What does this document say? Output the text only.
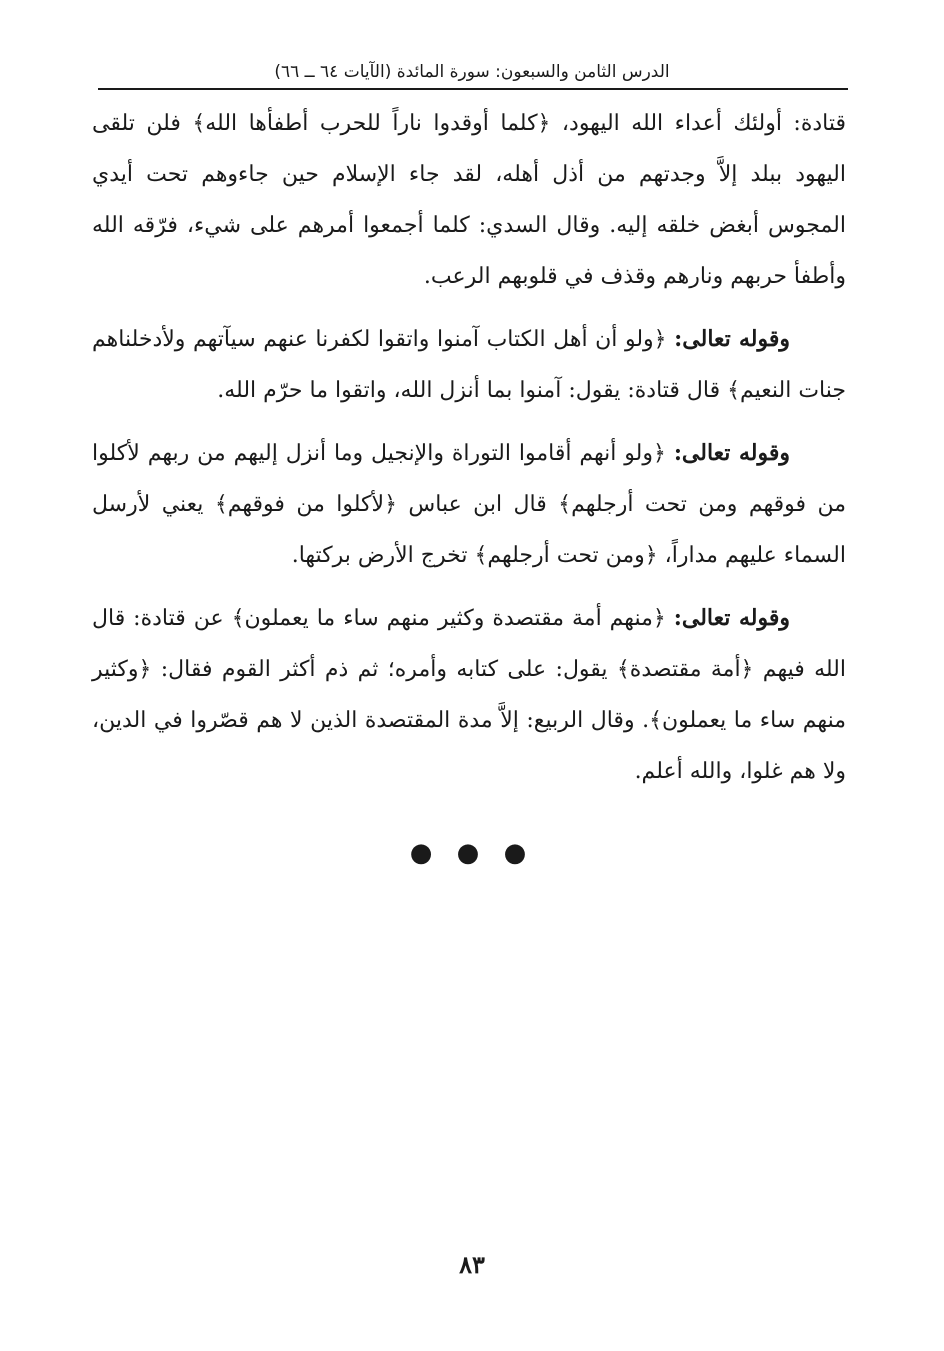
الدرس الثامن والسبعون: سورة المائدة (الآيات ٦٤ ــ ٦٦)

قتادة: أولئك أعداء الله اليهود، ﴿كلما أوقدوا ناراً للحرب أطفأها الله﴾ فلن تلقى اليهود ببلد إلاَّ وجدتهم من أذل أهله، لقد جاء الإسلام حين جاءوهم تحت أيدي المجوس أبغض خلقه إليه. وقال السدي: كلما أجمعوا أمرهم على شيء، فرّقه الله وأطفأ حربهم ونارهم وقذف في قلوبهم الرعب.

وقوله تعالى: ﴿ولو أن أهل الكتاب آمنوا واتقوا لكفرنا عنهم سيآتهم ولأدخلناهم جنات النعيم﴾ قال قتادة: يقول: آمنوا بما أنزل الله، واتقوا ما حرّم الله.

وقوله تعالى: ﴿ولو أنهم أقاموا التوراة والإنجيل وما أنزل إليهم من ربهم لأكلوا من فوقهم ومن تحت أرجلهم﴾ قال ابن عباس ﴿لأكلوا من فوقهم﴾ يعني لأرسل السماء عليهم مداراً، ﴿ومن تحت أرجلهم﴾ تخرج الأرض بركتها.

وقوله تعالى: ﴿منهم أمة مقتصدة وكثير منهم ساء ما يعملون﴾ عن قتادة: قال الله فيهم ﴿أمة مقتصدة﴾ يقول: على كتابه وأمره؛ ثم ذم أكثر القوم فقال: ﴿وكثير منهم ساء ما يعملون﴾. وقال الربيع: إلاَّ مدة المقتصدة الذين لا هم قصّروا في الدين، ولا هم غلوا، والله أعلم.

● ● ●
٨٣
